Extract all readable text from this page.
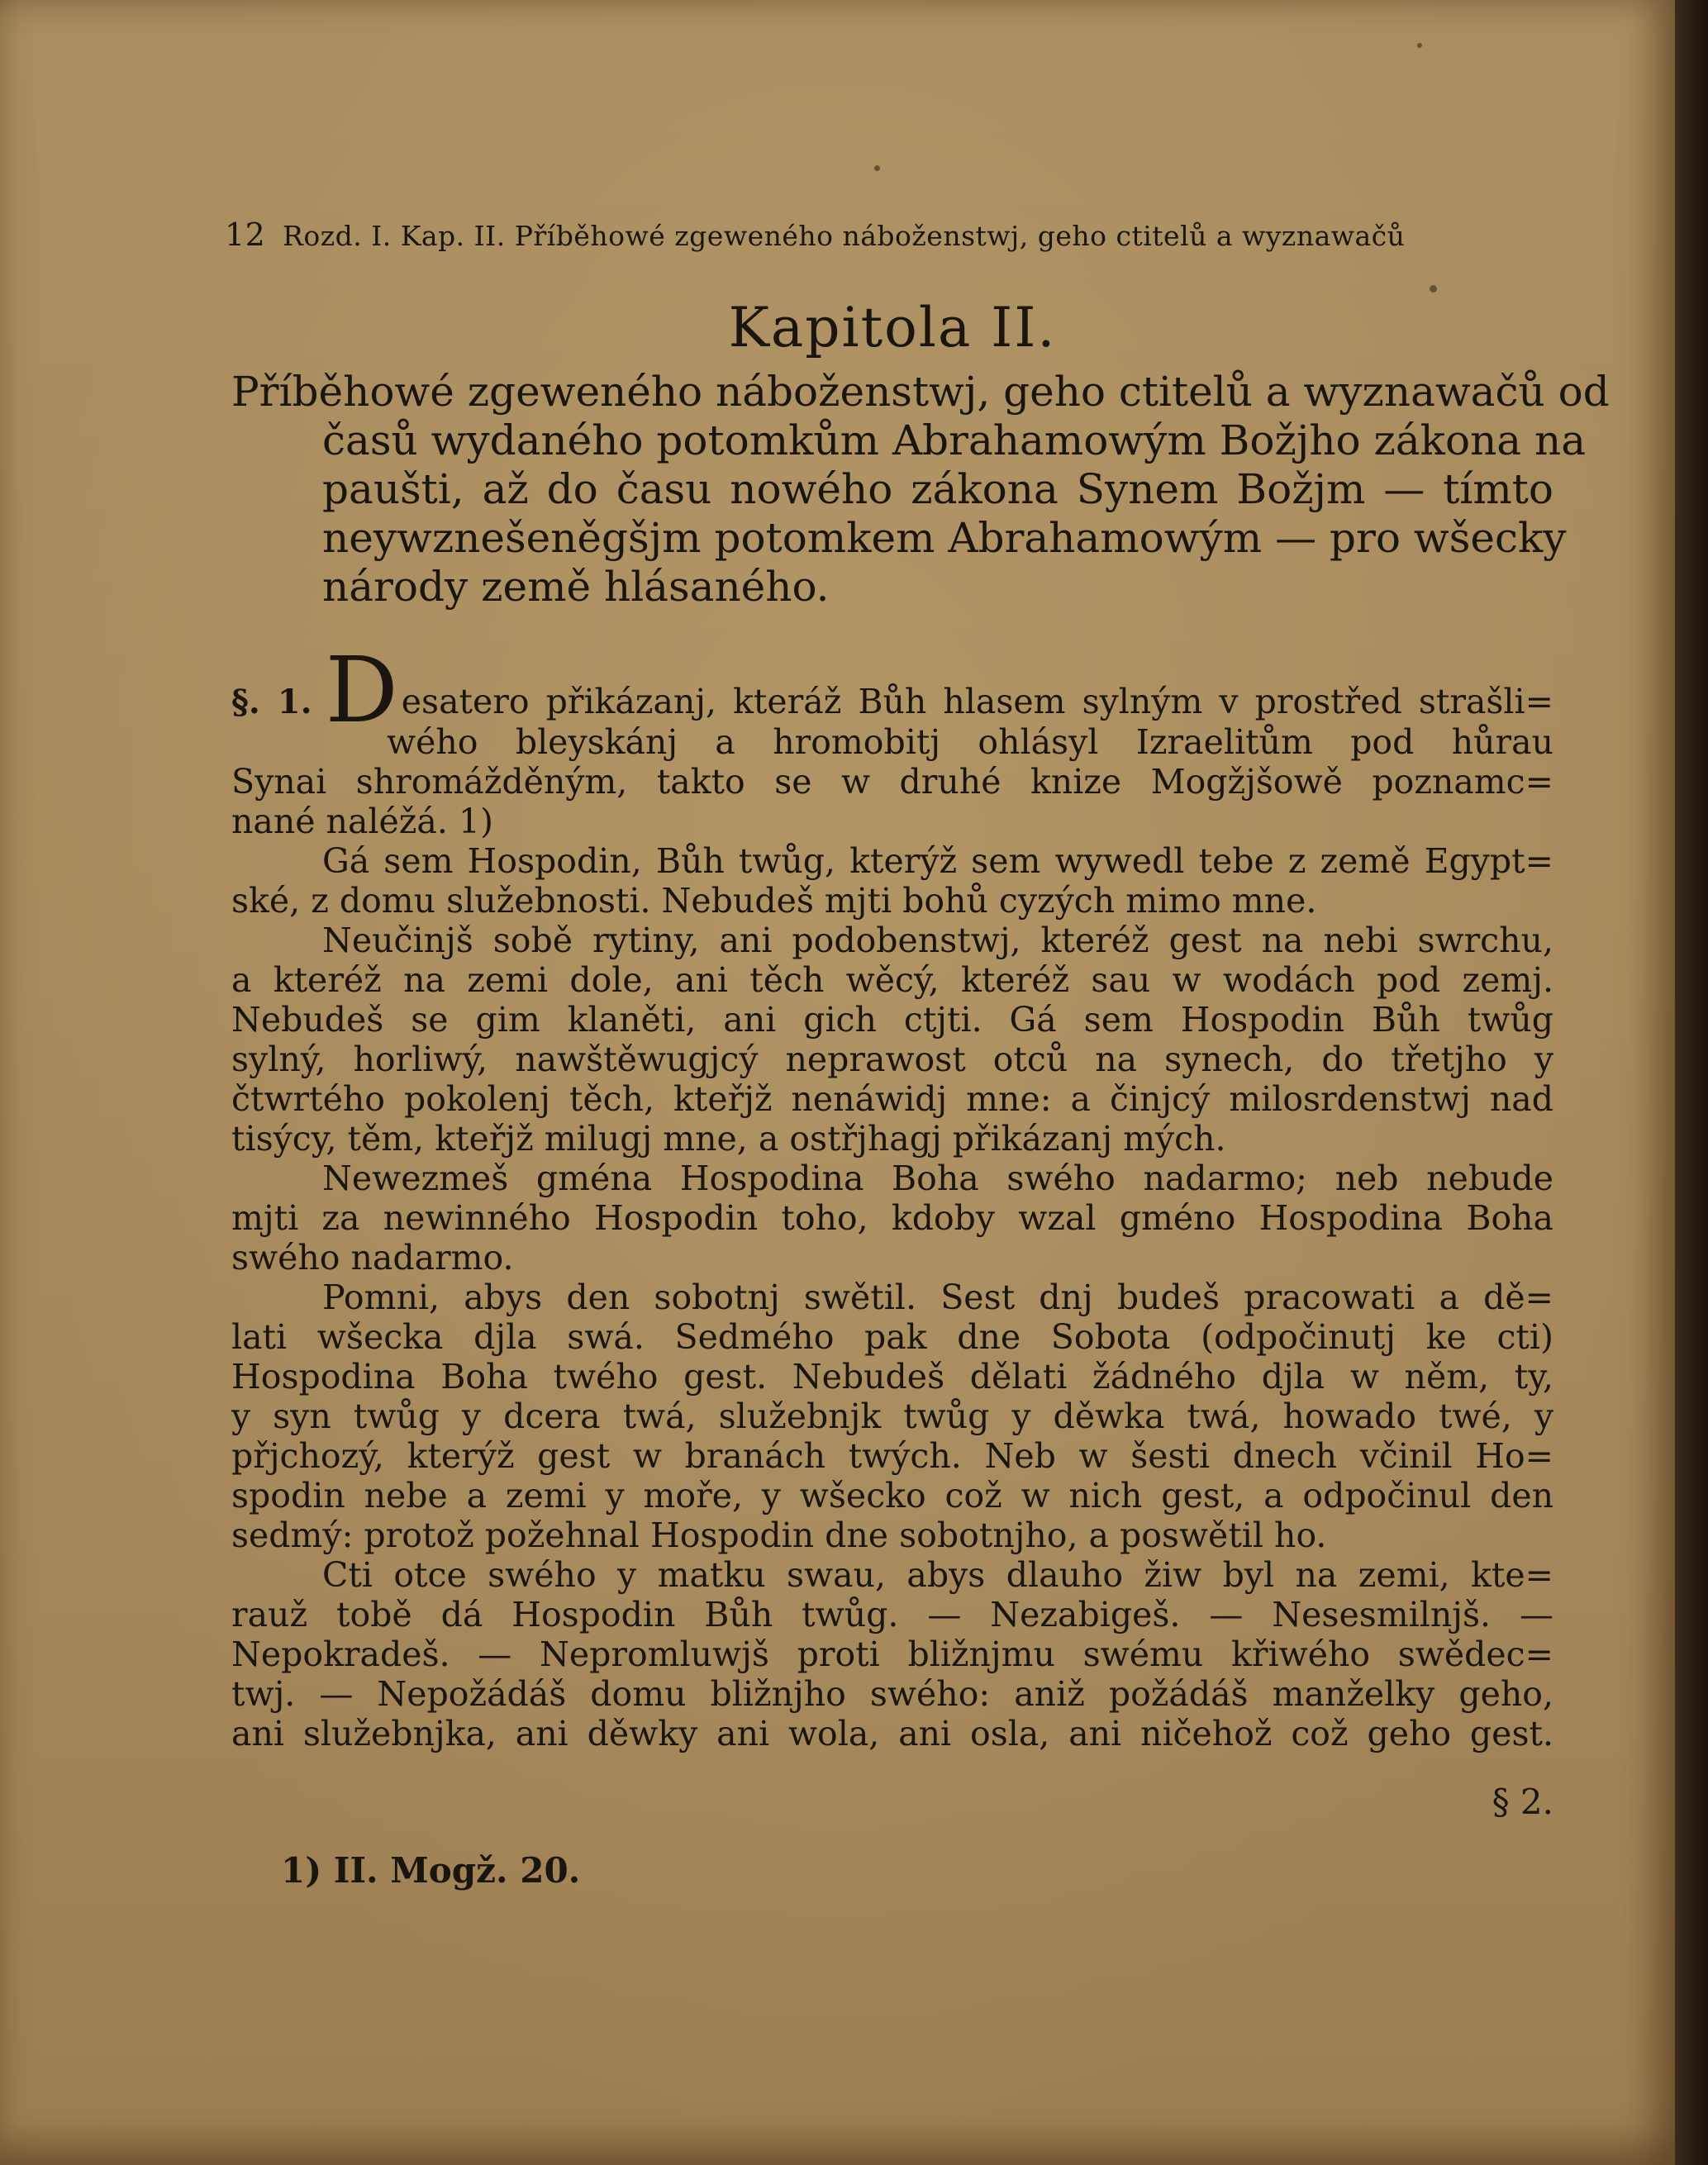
12 Rozd. I. Kap. II. Příběhowé zgeweného náboženstwj, geho ctitelů a wyznawačů
Kapitola II.
Příběhowé zgeweného náboženstwj, geho ctitelů a wyznawačů od
časů wydaného potomkům Abrahamowým Božjho zákona na
paušti, až do času nowého zákona Synem Božjm — tímto
neywznešeněgšjm potomkem Abrahamowým — pro wšecky
národy země hlásaného.
§. 1. Desatero přikázanj, kteráž Bůh hlasem sylným v prostřed strašli=
wého bleyskánj a hromobitj ohlásyl Izraelitům pod hůrau
Synai shromážděným, takto se w druhé knize Mogžjšowě poznamc=
nané naléžá. 1)
Gá sem Hospodin, Bůh twůg, kterýž sem wywedl tebe z země Egypt=
ské, z domu služebnosti. Nebudeš mjti bohů cyzých mimo mne.
Neučinjš sobě rytiny, ani podobenstwj, kteréž gest na nebi swrchu,
a kteréž na zemi dole, ani těch wěcý, kteréž sau w wodách pod zemj.
Nebudeš se gim klaněti, ani gich ctjti. Gá sem Hospodin Bůh twůg
sylný, horliwý, nawštěwugjcý neprawost otců na synech, do třetjho y
čtwrtého pokolenj těch, kteřjž nenáwidj mne: a činjcý milosrdenstwj nad
tisýcy, těm, kteřjž milugj mne, a ostřjhagj přikázanj mých.
Newezmeš gména Hospodina Boha swého nadarmo; neb nebude
mjti za newinného Hospodin toho, kdoby wzal gméno Hospodina Boha
swého nadarmo.
Pomni, abys den sobotnj swětil. Sest dnj budeš pracowati a dě=
lati wšecka djla swá. Sedmého pak dne Sobota (odpočinutj ke cti)
Hospodina Boha twého gest. Nebudeš dělati žádného djla w něm, ty,
y syn twůg y dcera twá, služebnjk twůg y děwka twá, howado twé, y
přjchozý, kterýž gest w branách twých. Neb w šesti dnech včinil Ho=
spodin nebe a zemi y moře, y wšecko což w nich gest, a odpočinul den
sedmý: protož požehnal Hospodin dne sobotnjho, a poswětil ho.
Cti otce swého y matku swau, abys dlauho žiw byl na zemi, kte=
rauž tobě dá Hospodin Bůh twůg. — Nezabigeš. — Nesesmilnjš. —
Nepokradeš. — Nepromluwjš proti bližnjmu swému křiwého swědec=
twj. — Nepožádáš domu bližnjho swého: aniž požádáš manželky geho,
ani služebnjka, ani děwky ani wola, ani osla, ani ničehož což geho gest.
§ 2.
1) II. Mogž. 20.
